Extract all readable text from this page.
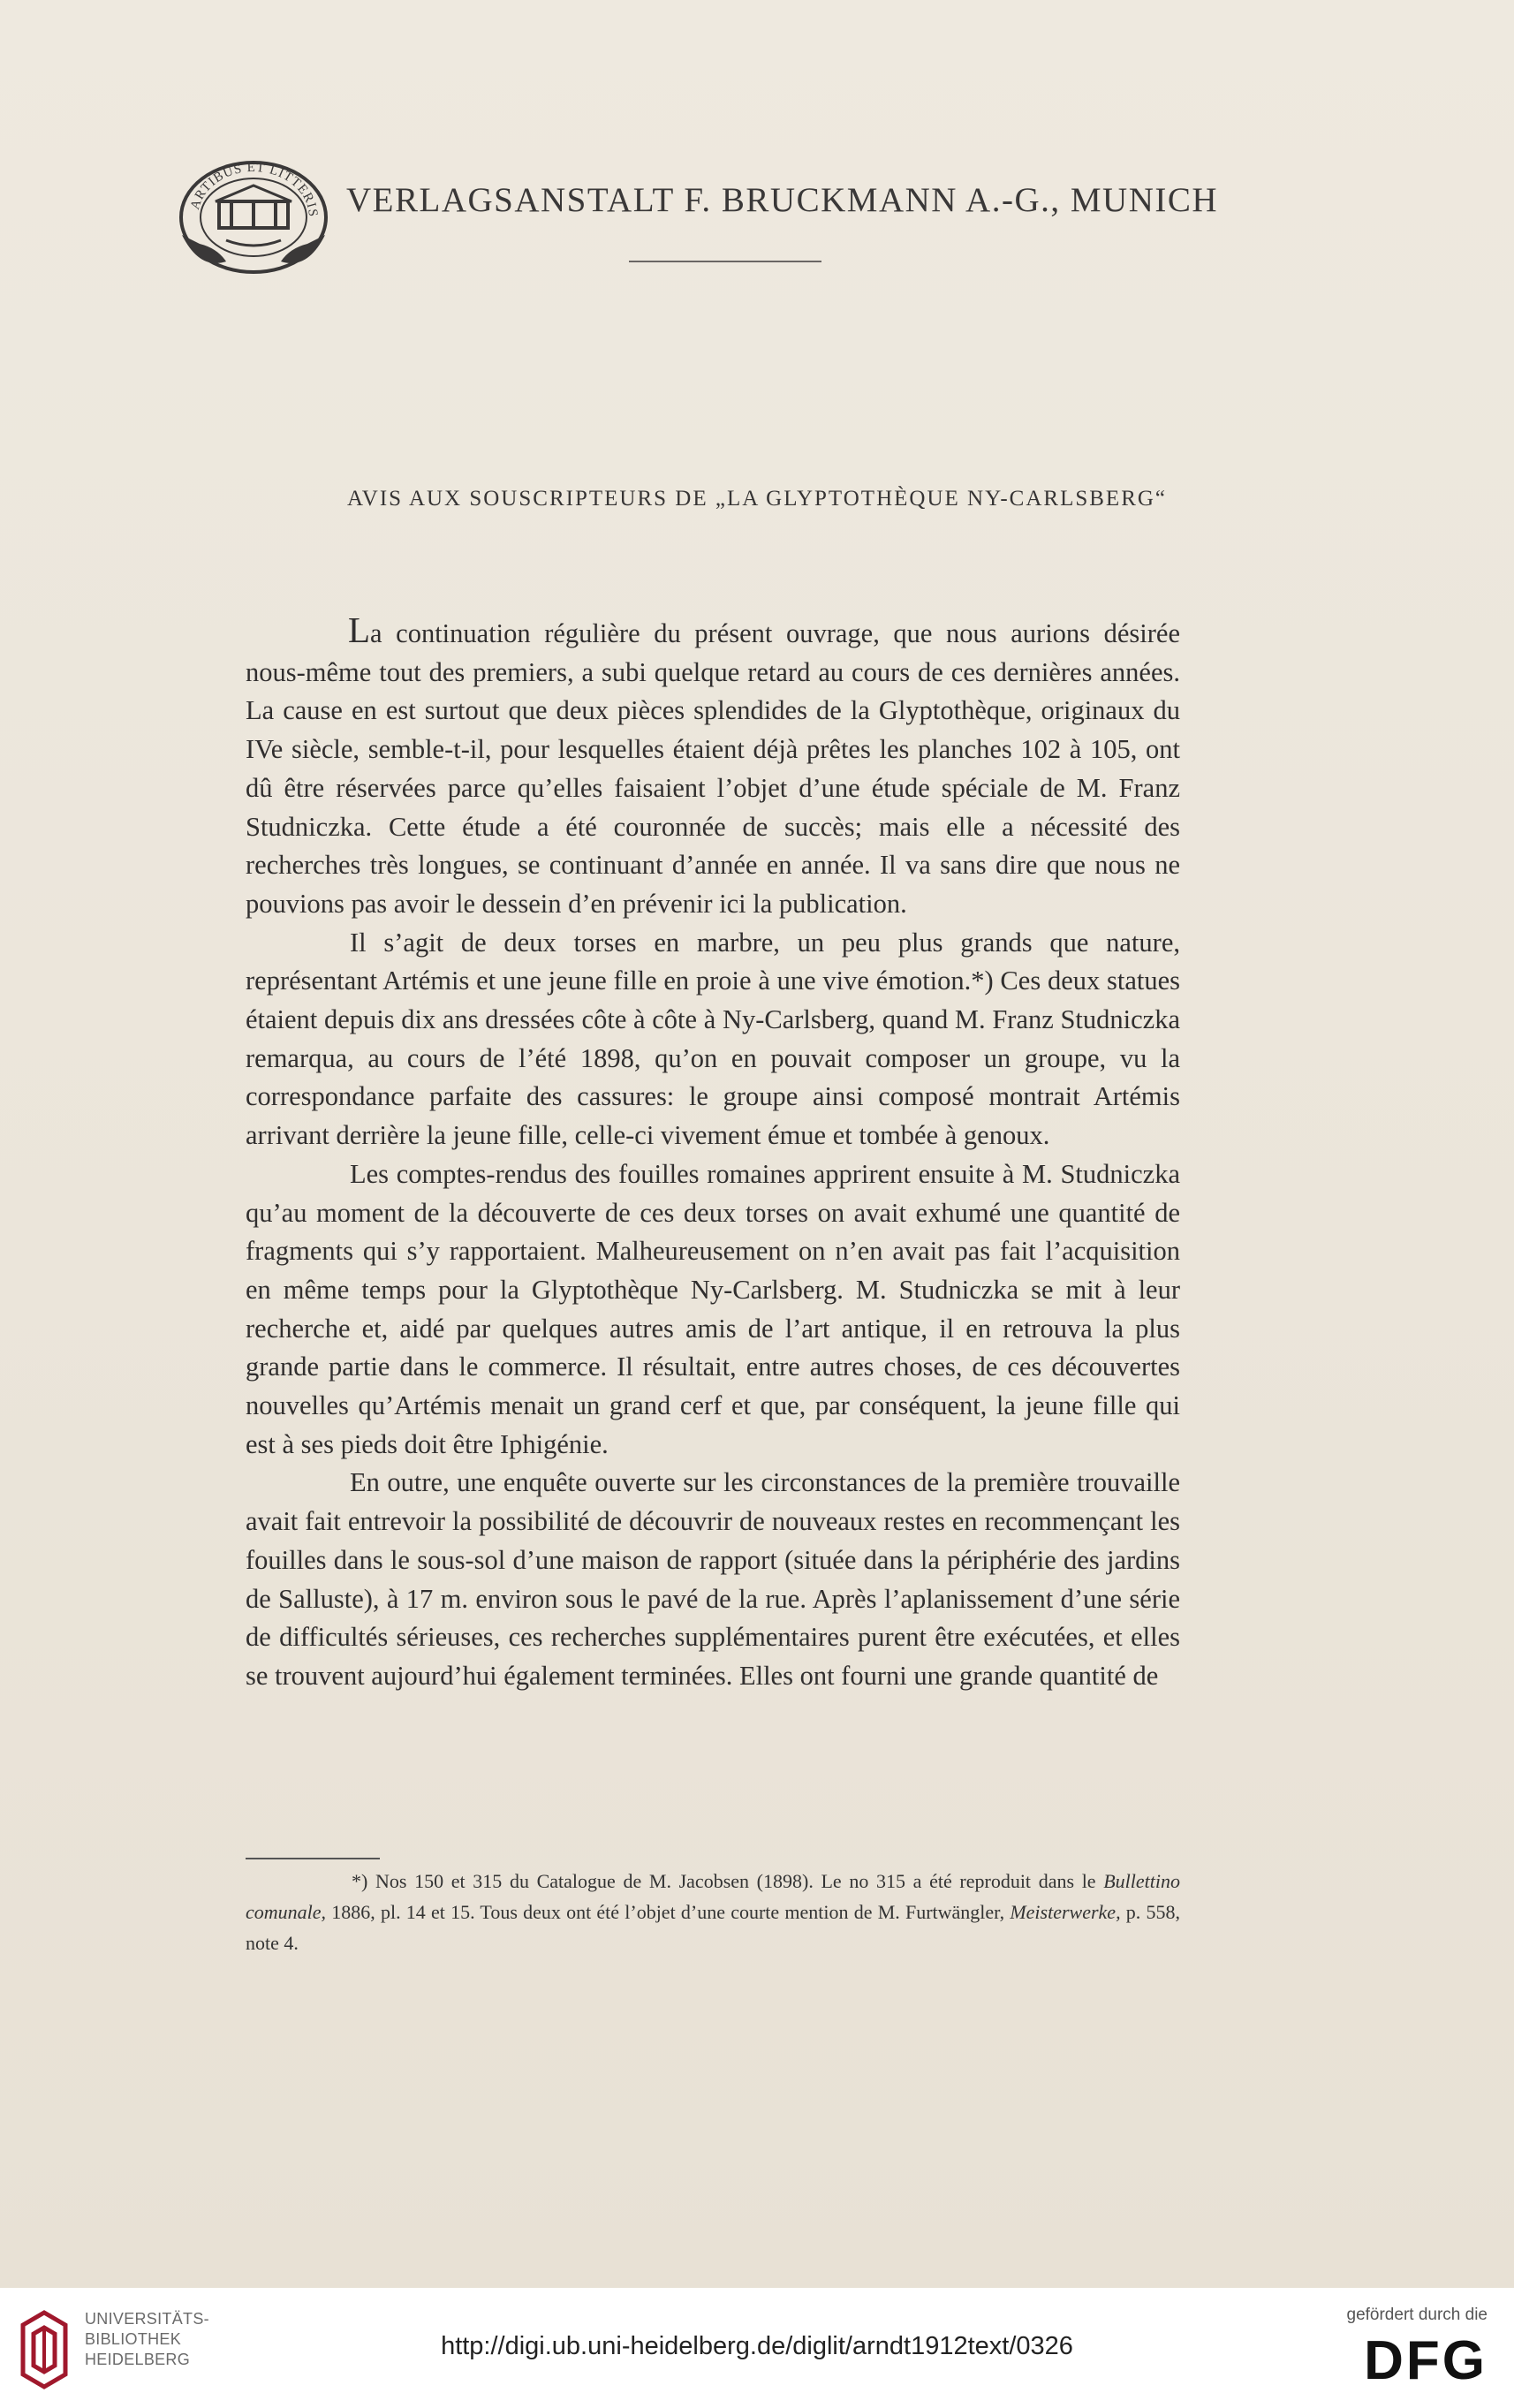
ARTIBUS ET LITTERIS VERLAGSANSTALT F. BRUCKMANN A.-G., MUNICH
AVIS AUX SOUSCRIPTEURS DE „LA GLYPTOTHÈQUE NY-CARLSBERG“

La continuation régulière du présent ouvrage, que nous aurions désirée nous-même tout des premiers, a subi quelque retard au cours de ces dernières années. La cause en est surtout que deux pièces splendides de la Glyptothèque, originaux du IVe siècle, semble-t-il, pour lesquelles étaient déjà prêtes les planches 102 à 105, ont dû être réservées parce qu’elles faisaient l’objet d’une étude spéciale de M. Franz Studniczka. Cette étude a été couronnée de succès; mais elle a nécessité des recherches très longues, se continuant d’année en année. Il va sans dire que nous ne pouvions pas avoir le dessein d’en prévenir ici la publication.

Il s’agit de deux torses en marbre, un peu plus grands que nature, représentant Artémis et une jeune fille en proie à une vive émotion.*) Ces deux statues étaient depuis dix ans dressées côte à côte à Ny-Carlsberg, quand M. Franz Studniczka remarqua, au cours de l’été 1898, qu’on en pouvait composer un groupe, vu la correspondance parfaite des cassures: le groupe ainsi composé montrait Artémis arrivant derrière la jeune fille, celle-ci vivement émue et tombée à genoux.

Les comptes-rendus des fouilles romaines apprirent ensuite à M. Studniczka qu’au moment de la découverte de ces deux torses on avait exhumé une quantité de fragments qui s’y rapportaient. Malheureusement on n’en avait pas fait l’acquisition en même temps pour la Glyptothèque Ny-Carlsberg. M. Studniczka se mit à leur recherche et, aidé par quelques autres amis de l’art antique, il en retrouva la plus grande partie dans le commerce. Il résultait, entre autres choses, de ces découvertes nouvelles qu’Artémis menait un grand cerf et que, par conséquent, la jeune fille qui est à ses pieds doit être Iphigénie.

En outre, une enquête ouverte sur les circonstances de la première trouvaille avait fait entrevoir la possibilité de découvrir de nouveaux restes en recommençant les fouilles dans le sous-sol d’une maison de rapport (située dans la périphérie des jardins de Salluste), à 17 m. environ sous le pavé de la rue. Après l’aplanissement d’une série de difficultés sérieuses, ces recherches supplémentaires purent être exécutées, et elles se trouvent aujourd’hui également terminées. Elles ont fourni une grande quantité de

*) Nos 150 et 315 du Catalogue de M. Jacobsen (1898). Le no 315 a été reproduit dans le Bullettino comunale, 1886, pl. 14 et 15. Tous deux ont été l’objet d’une courte mention de M. Furtwängler, Meisterwerke, p. 558, note 4.

UNIVERSITÄTS-
BIBLIOTHEK
HEIDELBERG	http://digi.ub.uni-heidelberg.de/diglit/arndt1912text/0326
gefördert durch die
DFG
